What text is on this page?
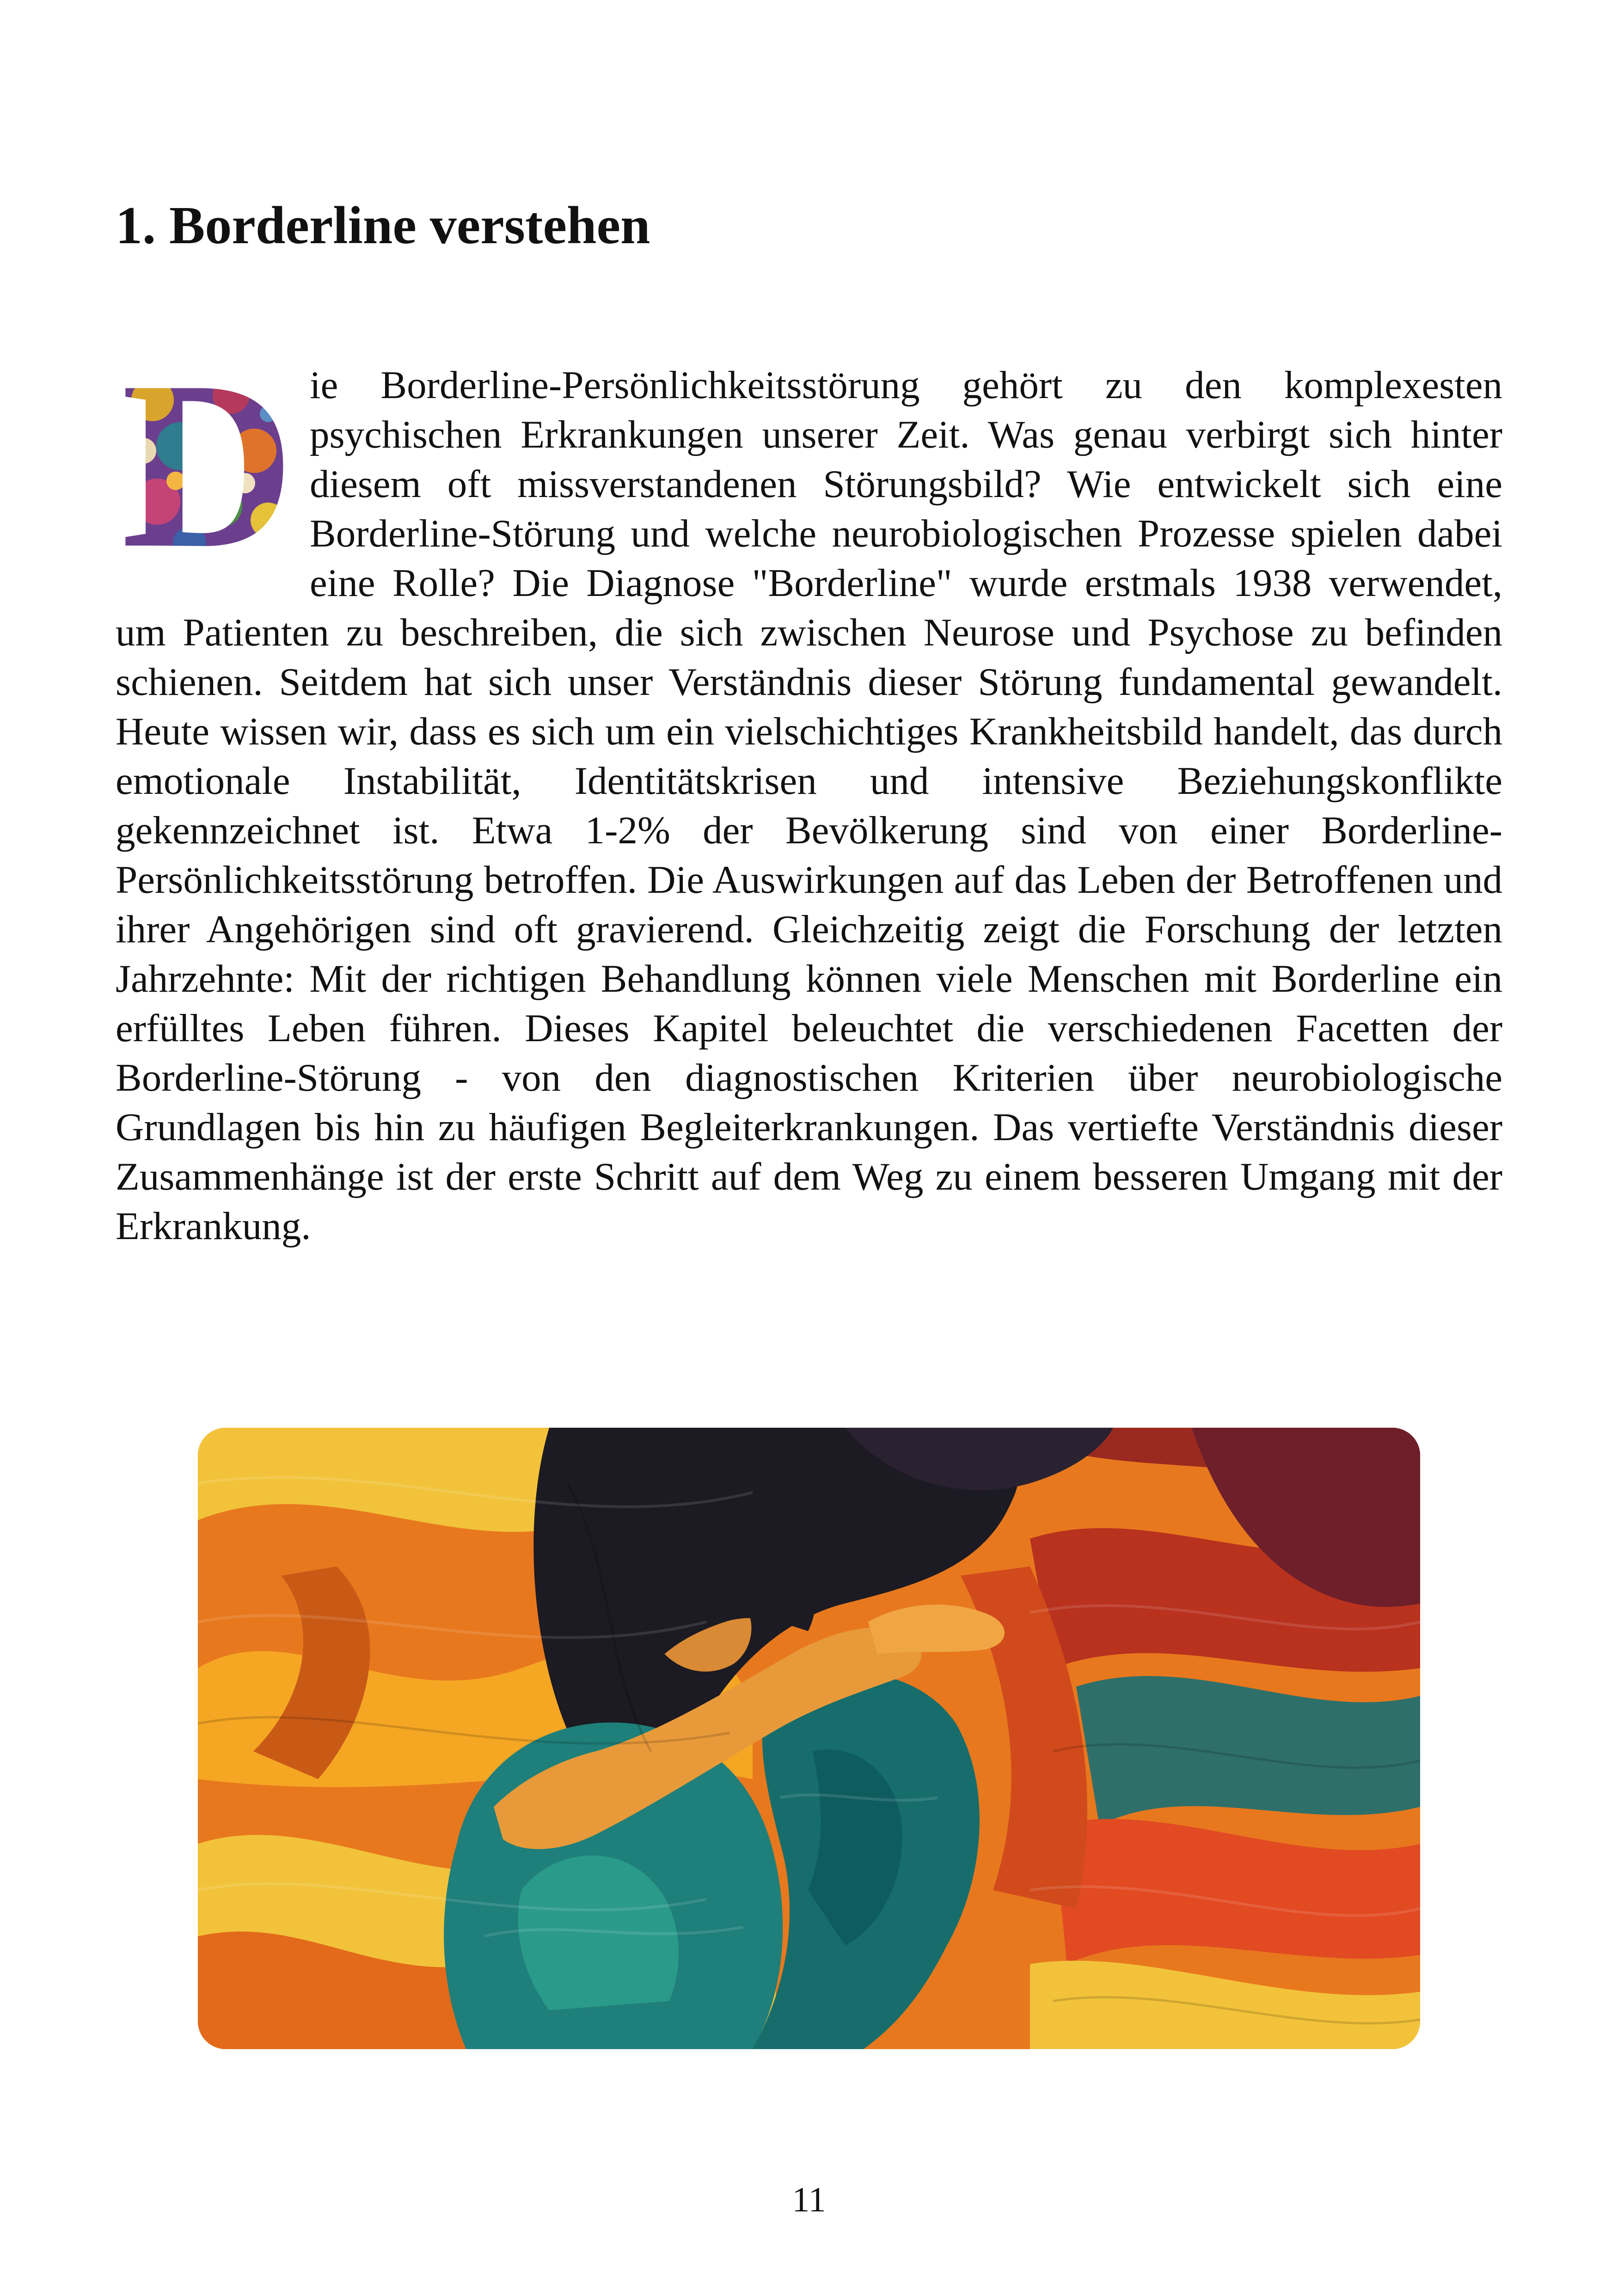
1. Borderline verstehen

ie Borderline-Persönlichkeitsstörung gehört zu den komplexesten psychischen Erkrankungen unserer Zeit. Was genau verbirgt sich hinter diesem oft missverstandenen Störungsbild? Wie entwickelt sich eine Borderline-Störung und welche neurobiologischen Prozesse spielen dabei eine Rolle? Die Diagnose "Borderline" wurde erstmals 1938 verwendet, um Patienten zu beschreiben, die sich zwischen Neurose und Psychose zu befinden schienen. Seitdem hat sich unser Verständnis dieser Störung fundamental gewandelt. Heute wissen wir, dass es sich um ein vielschichtiges Krankheitsbild handelt, das durch emotionale Instabilität, Identitätskrisen und intensive Beziehungskonflikte gekennzeichnet ist. Etwa 1-2% der Bevölkerung sind von einer Borderline-Persönlichkeitsstörung betroffen. Die Auswirkungen auf das Leben der Betroffenen und ihrer Angehörigen sind oft gravierend. Gleichzeitig zeigt die Forschung der letzten Jahrzehnte: Mit der richtigen Behandlung können viele Menschen mit Borderline ein erfülltes Leben führen. Dieses Kapitel beleuchtet die verschiedenen Facetten der Borderline-Störung - von den diagnostischen Kriterien über neurobiologische Grundlagen bis hin zu häufigen Begleiterkrankungen. Das vertiefte Verständnis dieser Zusammenhänge ist der erste Schritt auf dem Weg zu einem besseren Umgang mit der Erkrankung.

11
